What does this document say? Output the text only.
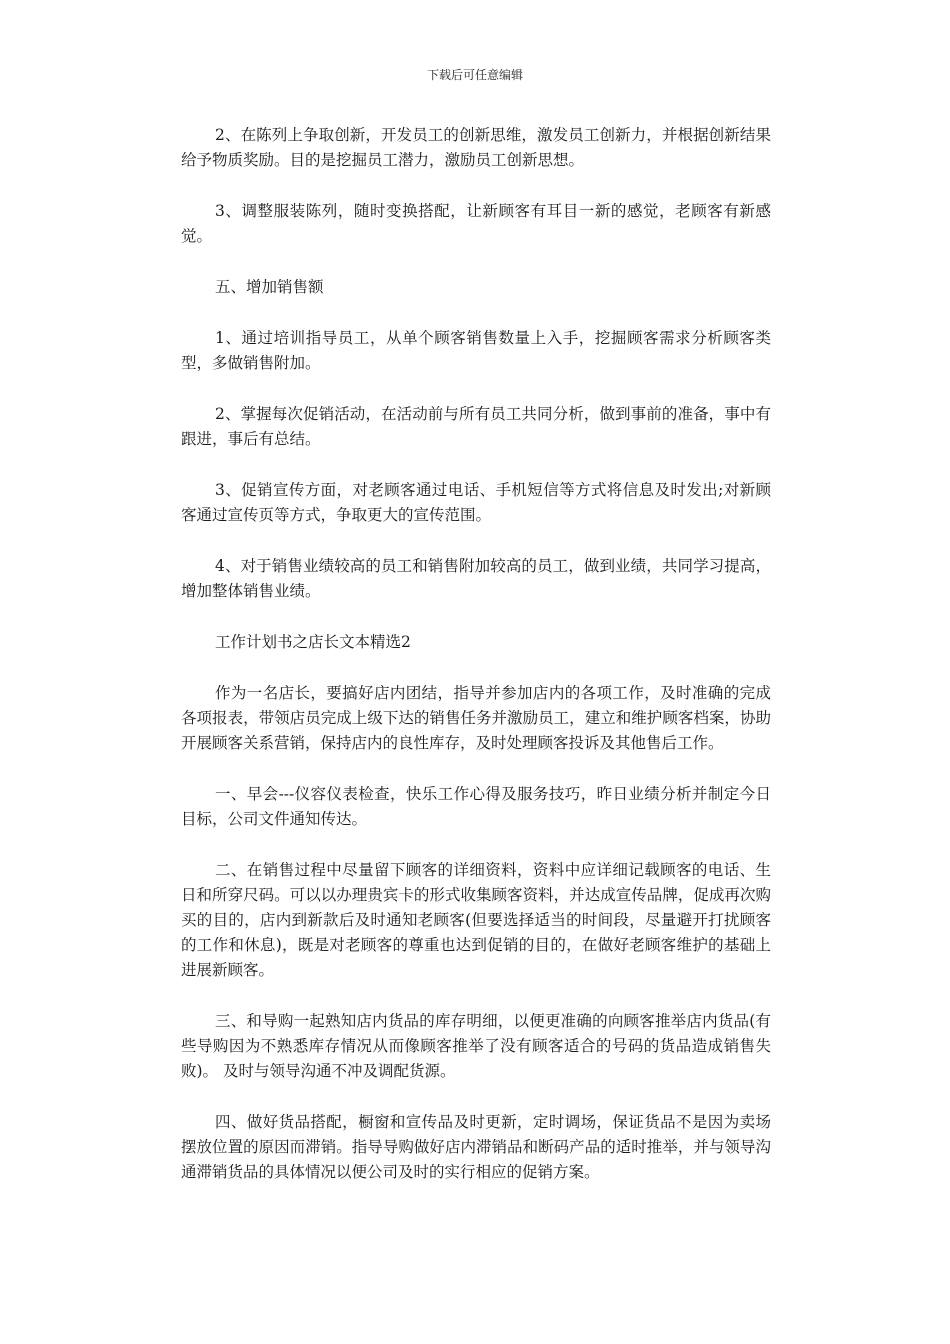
下载后可任意编辑

2、在陈列上争取创新，开发员工的创新思维，激发员工创新力，并根据创新结果给予物质奖励。目的是挖掘员工潜力，激励员工创新思想。

3、调整服装陈列，随时变换搭配，让新顾客有耳目一新的感觉，老顾客有新感觉。

五、增加销售额

1、通过培训指导员工，从单个顾客销售数量上入手，挖掘顾客需求分析顾客类型，多做销售附加。

2、掌握每次促销活动，在活动前与所有员工共同分析，做到事前的准备，事中有跟进，事后有总结。

3、促销宣传方面，对老顾客通过电话、手机短信等方式将信息及时发出;对新顾客通过宣传页等方式，争取更大的宣传范围。

4、对于销售业绩较高的员工和销售附加较高的员工，做到业绩，共同学习提高，增加整体销售业绩。

工作计划书之店长文本精选2

作为一名店长，要搞好店内团结，指导并参加店内的各项工作，及时准确的完成各项报表，带领店员完成上级下达的销售任务并激励员工，建立和维护顾客档案，协助开展顾客关系营销，保持店内的良性库存，及时处理顾客投诉及其他售后工作。

一、早会---仪容仪表检查，快乐工作心得及服务技巧，昨日业绩分析并制定今日目标，公司文件通知传达。

二、在销售过程中尽量留下顾客的详细资料，资料中应详细记载顾客的电话、生日和所穿尺码。可以以办理贵宾卡的形式收集顾客资料，并达成宣传品牌，促成再次购买的目的，店内到新款后及时通知老顾客(但要选择适当的时间段，尽量避开打扰顾客的工作和休息)，既是对老顾客的尊重也达到促销的目的，在做好老顾客维护的基础上进展新顾客。

三、和导购一起熟知店内货品的库存明细，以便更准确的向顾客推举店内货品(有些导购因为不熟悉库存情况从而像顾客推举了没有顾客适合的号码的货品造成销售失败)。 及时与领导沟通不冲及调配货源。

四、做好货品搭配，橱窗和宣传品及时更新，定时调场，保证货品不是因为卖场摆放位置的原因而滞销。指导导购做好店内滞销品和断码产品的适时推举，并与领导沟通滞销货品的具体情况以便公司及时的实行相应的促销方案。
